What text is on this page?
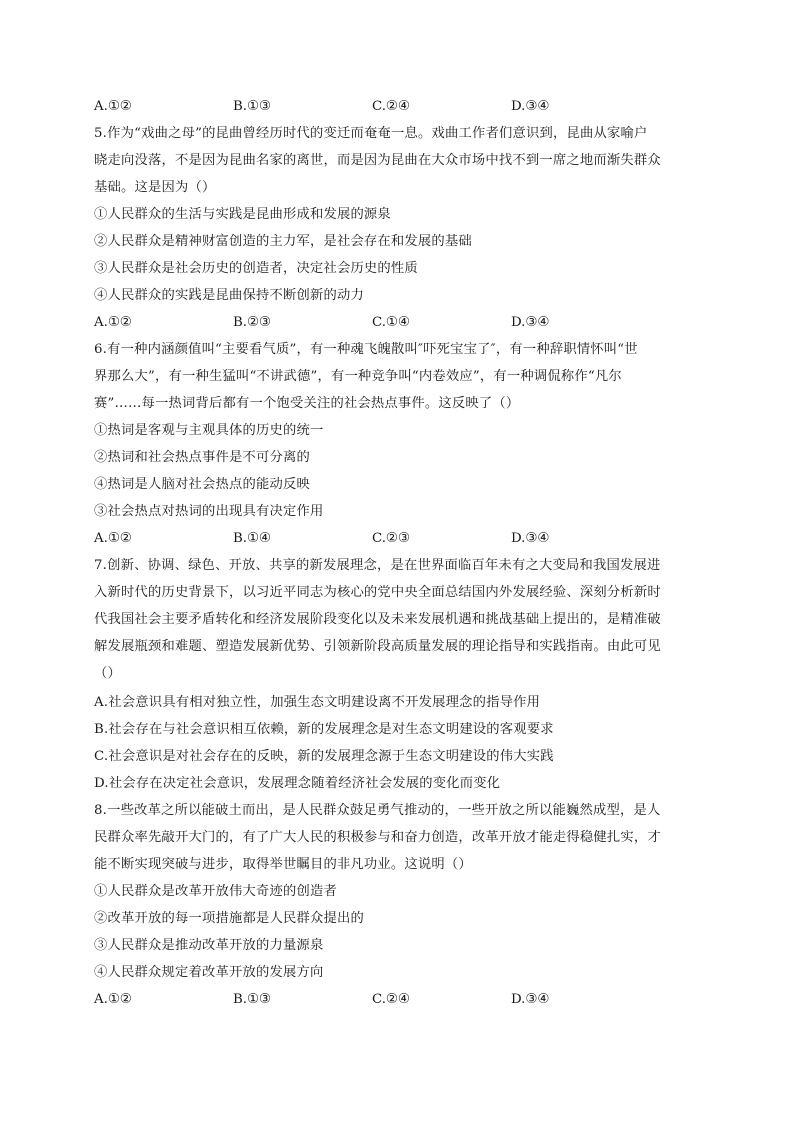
A.①②	B.①③	C.②④	D.③④
5.作为“戏曲之母”的昆曲曾经历时代的变迁而奄奄一息。戏曲工作者们意识到，昆曲从家喻户
晓走向没落，不是因为昆曲名家的离世，而是因为昆曲在大众市场中找不到一席之地而渐失群众
基础。这是因为（）
①人民群众的生活与实践是昆曲形成和发展的源泉
②人民群众是精神财富创造的主力军，是社会存在和发展的基础
③人民群众是社会历史的创造者，决定社会历史的性质
④人民群众的实践是昆曲保持不断创新的动力
A.①②	B.②③	C.①④	D.③④
6.有一种内涵颜值叫“主要看气质”，有一种魂飞魄散叫″吓死宝宝了″，有一种辞职情怀叫“世
界那么大”，有一种生猛叫“不讲武德”，有一种竞争叫“内卷效应”，有一种调侃称作“凡尔
赛”……每一热词背后都有一个饱受关注的社会热点事件。这反映了（）
①热词是客观与主观具体的历史的统一
②热词和社会热点事件是不可分离的
④热词是人脑对社会热点的能动反映
③社会热点对热词的出现具有决定作用
A.①②	B.①④	C.②③	D.③④
7.创新、协调、绿色、开放、共享的新发展理念，是在世界面临百年未有之大变局和我国发展进
入新时代的历史背景下，以习近平同志为核心的党中央全面总结国内外发展经验、深刻分析新时
代我国社会主要矛盾转化和经济发展阶段变化以及未来发展机遇和挑战基础上提出的，是精准破
解发展瓶颈和难题、塑造发展新优势、引领新阶段高质量发展的理论指导和实践指南。由此可见
（）
A.社会意识具有相对独立性，加强生态文明建设离不开发展理念的指导作用
B.社会存在与社会意识相互依赖，新的发展理念是对生态文明建设的客观要求
C.社会意识是对社会存在的反映，新的发展理念源于生态文明建设的伟大实践
D.社会存在决定社会意识，发展理念随着经济社会发展的变化而变化
8.一些改革之所以能破土而出，是人民群众鼓足勇气推动的，一些开放之所以能巍然成型，是人
民群众率先敲开大门的，有了广大人民的积极参与和奋力创造，改革开放才能走得稳健扎实，才
能不断实现突破与进步，取得举世瞩目的非凡功业。这说明（）
①人民群众是改革开放伟大奇迹的创造者
②改革开放的每一项措施都是人民群众提出的
③人民群众是推动改革开放的力量源泉
④人民群众规定着改革开放的发展方向
A.①②	B.①③	C.②④	D.③④
